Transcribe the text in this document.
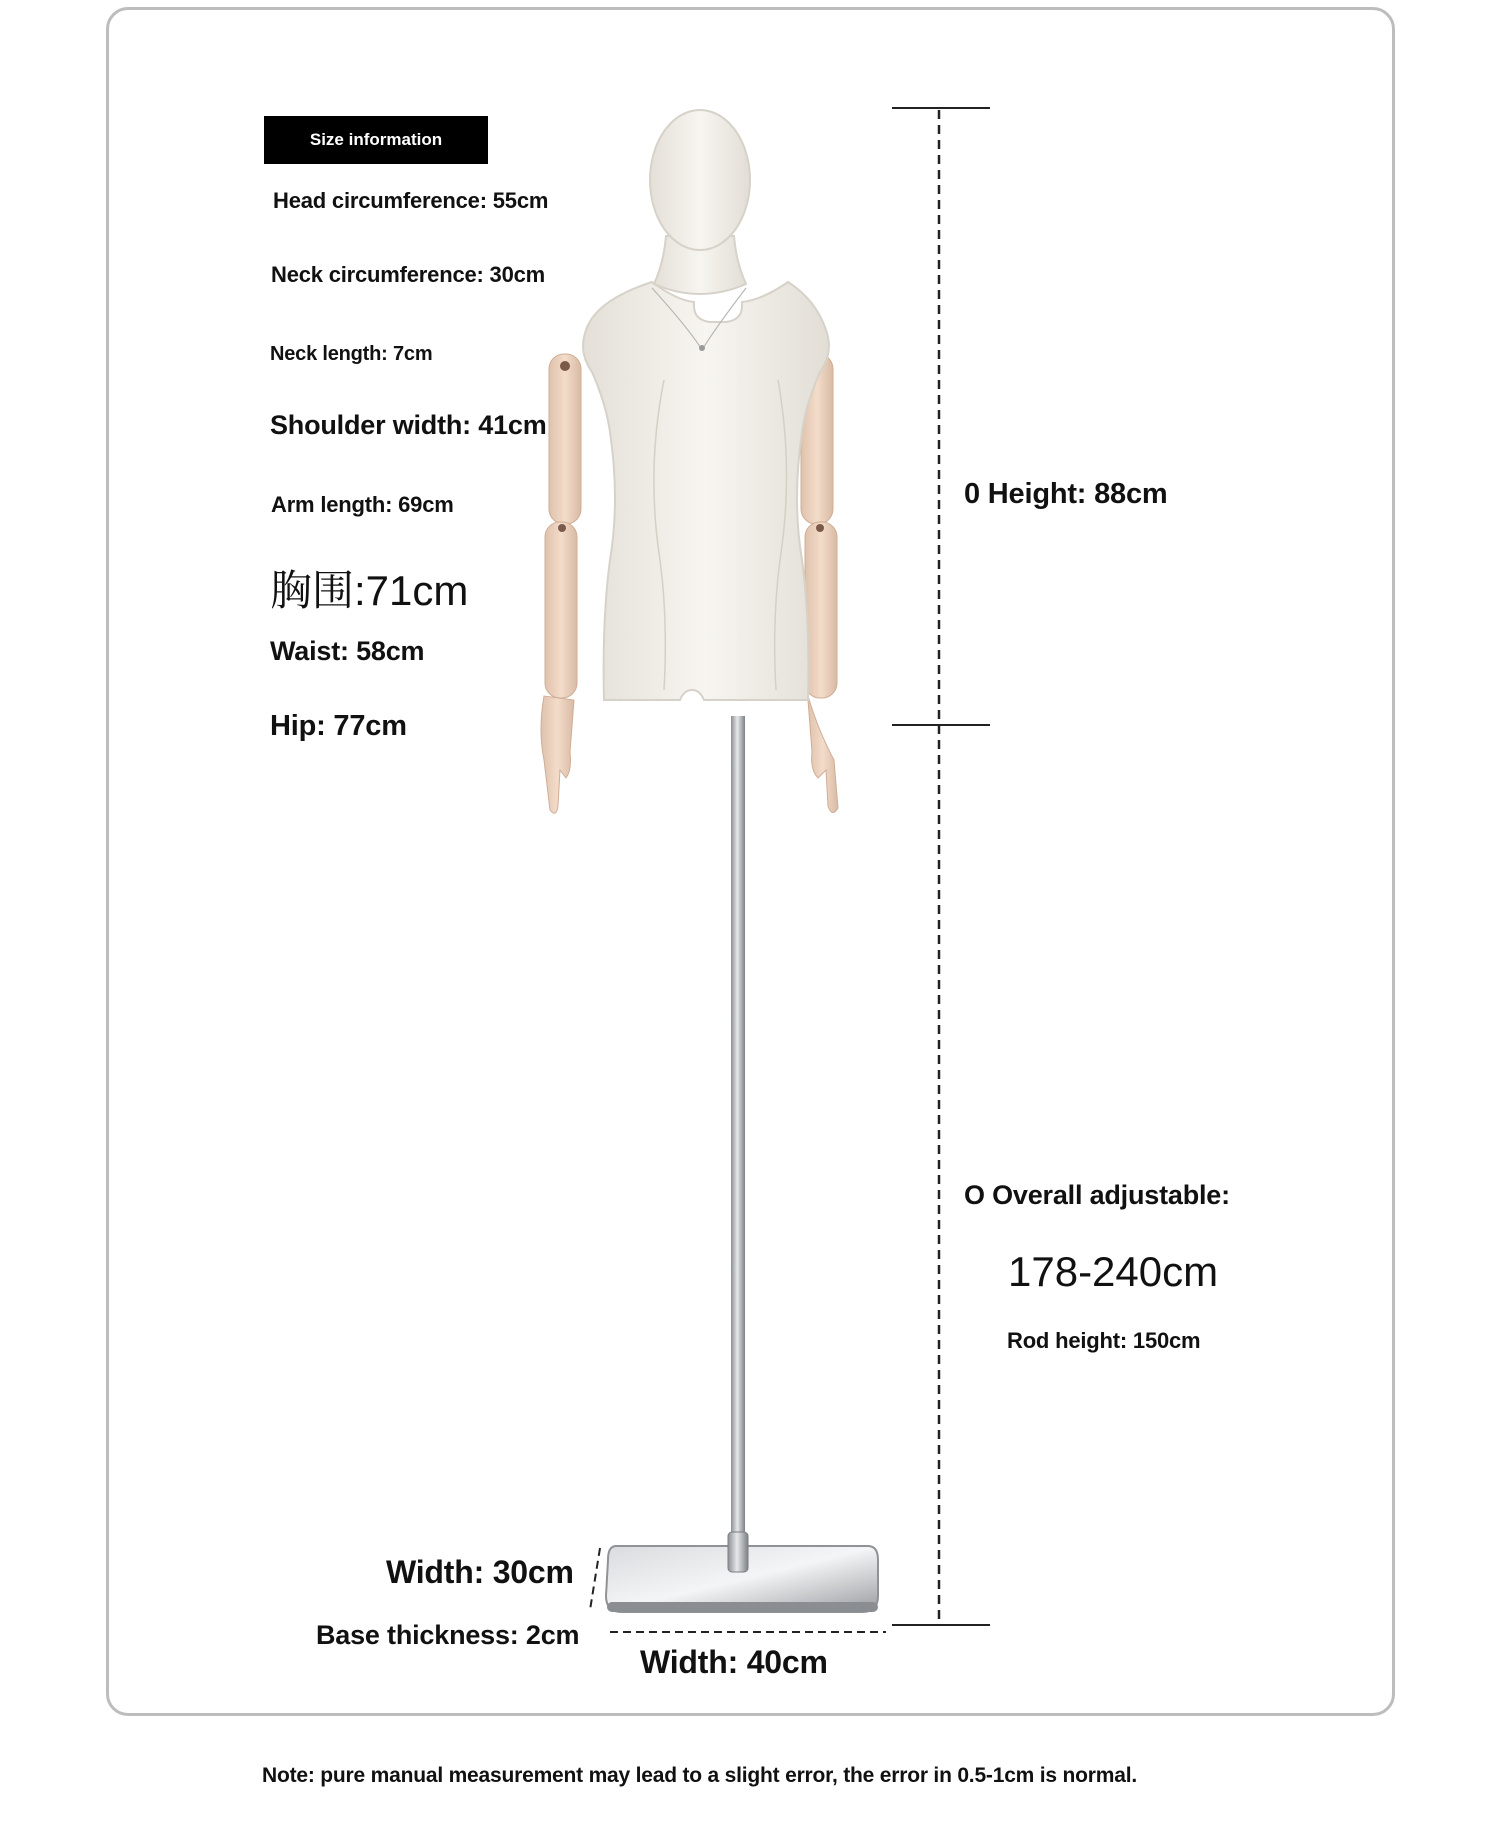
Size information
Head circumference: 55cm
Neck circumference: 30cm
Neck length: 7cm
Shoulder width: 41cm
Arm length: 69cm
胸围:71cm
Waist: 58cm
Hip: 77cm
0 Height: 88cm
O Overall adjustable:
178-240cm
Rod height: 150cm
Width: 30cm
Base thickness: 2cm
Width: 40cm
Note: pure manual measurement may lead to a slight error, the error in 0.5-1cm is normal.
